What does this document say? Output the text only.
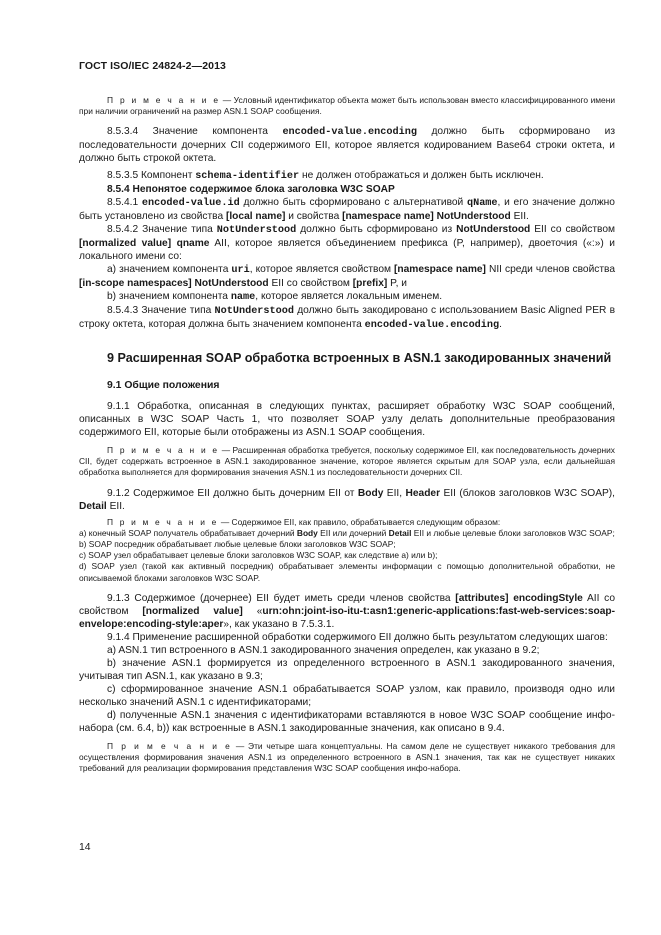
ГОСТ ISO/IEC 24824-2—2013

П р и м е ч а н и е — Условный идентификатор объекта может быть использован вместо классифицированного имени при наличии ограничений на размер ASN.1 SOAP сообщения.

8.5.3.4 Значение компонента encoded-value.encoding должно быть сформировано из последовательности дочерних CII содержимого EII, которое является кодированием Base64 строки октета, и должно быть строкой октета.

8.5.3.5 Компонент schema-identifier не должен отображаться и должен быть исключен.

8.5.4 Непонятое содержимое блока заголовка W3C SOAP

8.5.4.1 encoded-value.id должно быть сформировано с альтернативой qName, и его значение должно быть установлено из свойства [local name] и свойства [namespace name] NotUnderstood EII.

8.5.4.2 Значение типа NotUnderstood должно быть сформировано из NotUnderstood EII со свойством [normalized value] qname AII, которое является объединением префикса (P, например), двоеточия («:») и локального имени со:

а) значением компонента uri, которое является свойством [namespace name] NII среди членов свойства [in-scope namespaces] NotUnderstood EII со свойством [prefix] P, и

b) значением компонента name, которое является локальным именем.

8.5.4.3 Значение типа NotUnderstood должно быть закодировано с использованием Basic Aligned PER в строку октета, которая должна быть значением компонента encoded-value.encoding.

9 Расширенная SOAP обработка встроенных в ASN.1 закодированных значений

9.1 Общие положения

9.1.1 Обработка, описанная в следующих пунктах, расширяет обработку W3C SOAP сообщений, описанных в W3C SOAP Часть 1, что позволяет SOAP узлу делать дополнительные преобразования содержимого EII, которые были отображены из ASN.1 SOAP сообщения.

П р и м е ч а н и е — Расширенная обработка требуется, поскольку содержимое EII, как последовательность дочерних CII, будет содержать встроенное в ASN.1 закодированное значение, которое является скрытым для SOAP узла, если дальнейшая обработка выполняется для формирования значения ASN.1 из последовательности дочерних CII.

9.1.2 Содержимое EII должно быть дочерним EII от Body EII, Header EII (блоков заголовков W3C SOAP), Detail EII.

П р и м е ч а н и е — Содержимое EII, как правило, обрабатывается следующим образом:

а) конечный SOAP получатель обрабатывает дочерний Body EII или дочерний Detail EII и любые целевые блоки заголовков W3C SOAP;

b) SOAP посредник обрабатывает любые целевые блоки заголовков W3C SOAP;

c) SOAP узел обрабатывает целевые блоки заголовков W3C SOAP, как следствие a) или b);

d) SOAP узел (такой как активный посредник) обрабатывает элементы информации с помощью дополнительной обработки, не описываемой блоками заголовков W3C SOAP.

9.1.3 Содержимое (дочернее) EII будет иметь среди членов свойства [attributes] encodingStyle AII со свойством [normalized value] «urn:ohn:joint-iso-itu-t:asn1:generic-applications:fast-web-services:soap-envelope:encoding-style:aper», как указано в 7.5.3.1.

9.1.4 Применение расширенной обработки содержимого EII должно быть результатом следующих шагов:

a) ASN.1 тип встроенного в ASN.1 закодированного значения определен, как указано в 9.2;

b) значение ASN.1 формируется из определенного встроенного в ASN.1 закодированного значения, учитывая тип ASN.1, как указано в 9.3;

c) сформированное значение ASN.1 обрабатывается SOAP узлом, как правило, производя одно или несколько значений ASN.1 с идентификаторами;

d) полученные ASN.1 значения с идентификаторами вставляются в новое W3C SOAP сообщение инфо-набора (см. 6.4, b)) как встроенные в ASN.1 закодированные значения, как описано в 9.4.

П р и м е ч а н и е — Эти четыре шага концептуальны. На самом деле не существует никакого требования для осуществления формирования значения ASN.1 из определенного встроенного в ASN.1 значения, так как не существует никаких требований для реализации формирования представления W3C SOAP сообщения инфо-набора.

14
